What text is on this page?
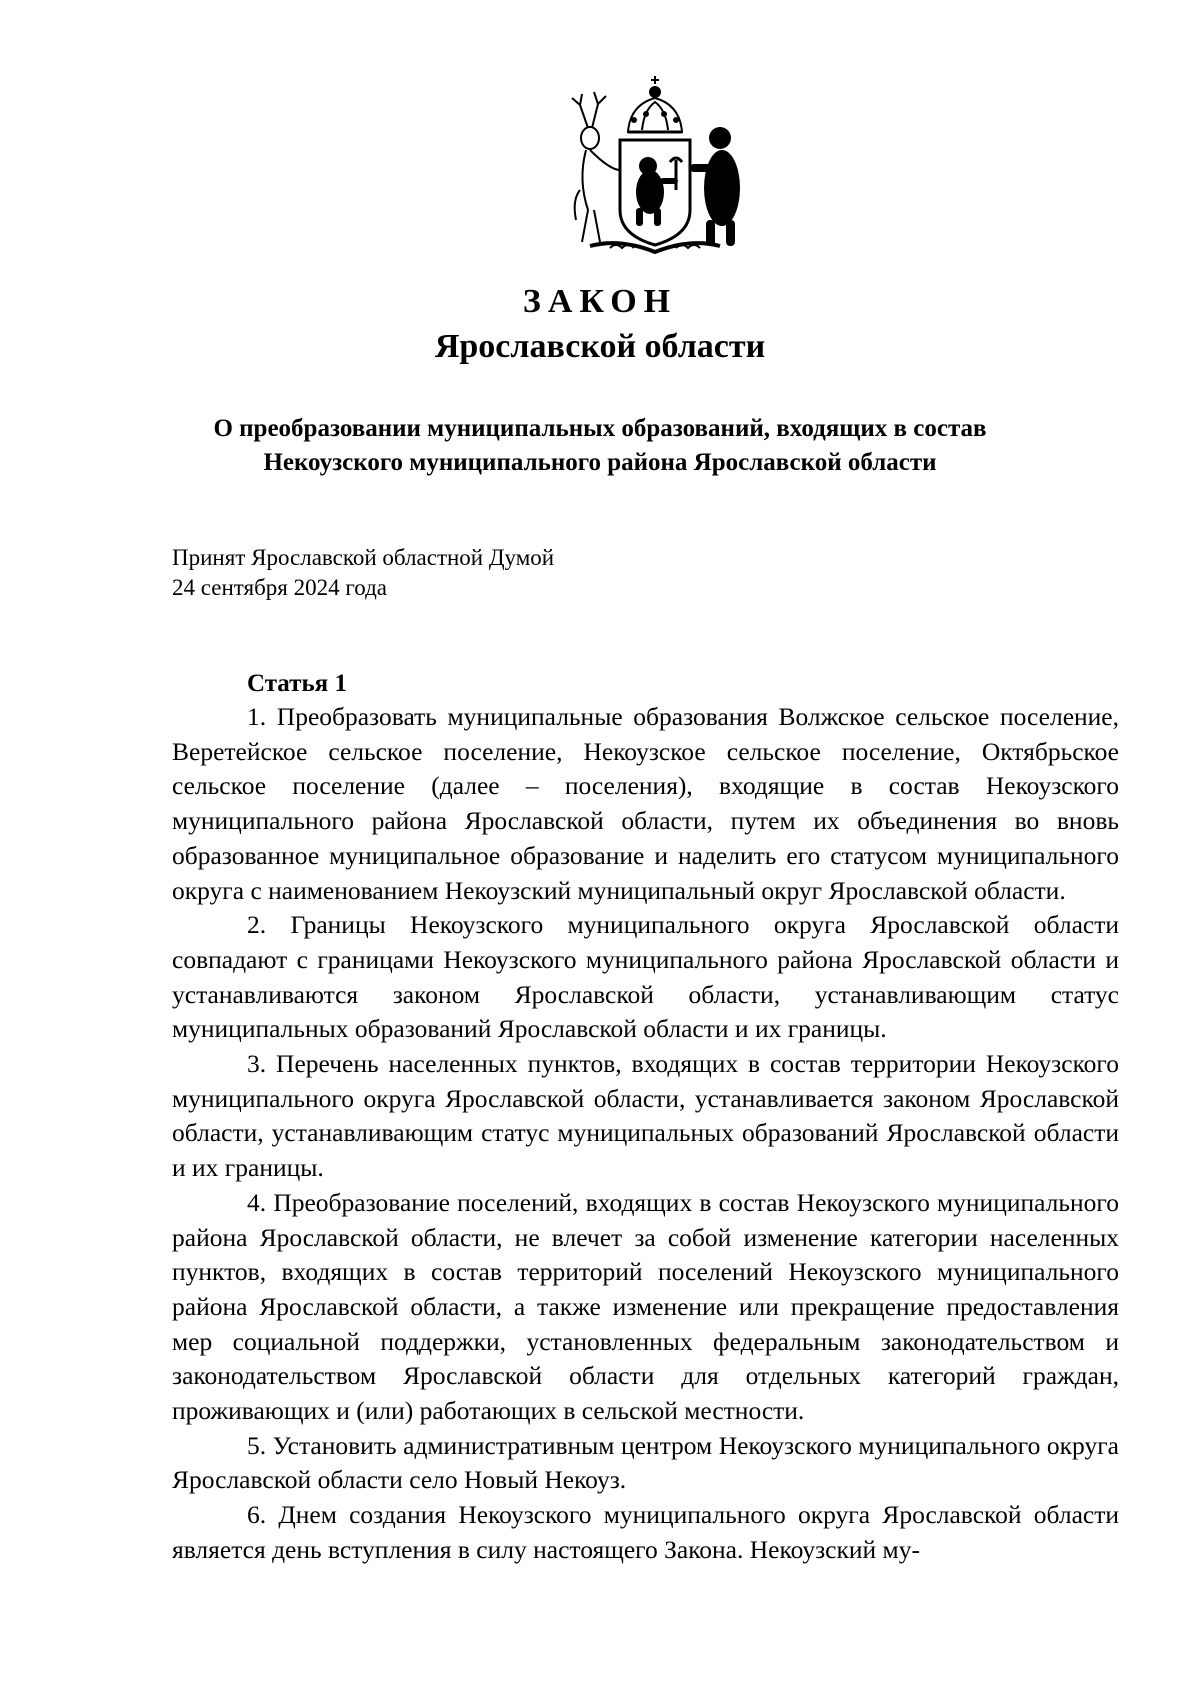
ЗАКОН
Ярославской области
О преобразовании муниципальных образований, входящих в состав
Некоузского муниципального района Ярославской области
Принят Ярославской областной Думой
24 сентября 2024 года
Статья 1

1. Преобразовать муниципальные образования Волжское сельское поселение, Веретейское сельское поселение, Некоузское сельское поселение, Октябрьское сельское поселение (далее – поселения), входящие в состав Некоузского муниципального района Ярославской области, путем их объединения во вновь образованное муниципальное образование и наделить его статусом муниципального округа с наименованием Некоузский муниципальный округ Ярославской области.

2. Границы Некоузского муниципального округа Ярославской области совпадают с границами Некоузского муниципального района Ярославской области и устанавливаются законом Ярославской области, устанавливающим статус муниципальных образований Ярославской области и их границы.

3. Перечень населенных пунктов, входящих в состав территории Некоузского муниципального округа Ярославской области, устанавливается законом Ярославской области, устанавливающим статус муниципальных образований Ярославской области и их границы.

4. Преобразование поселений, входящих в состав Некоузского муниципального района Ярославской области, не влечет за собой изменение категории населенных пунктов, входящих в состав территорий поселений Некоузского муниципального района Ярославской области, а также изменение или прекращение предоставления мер социальной поддержки, установленных федеральным законодательством и законодательством Ярославской области для отдельных категорий граждан, проживающих и (или) работающих в сельской местности.

5. Установить административным центром Некоузского муниципального округа Ярославской области село Новый Некоуз.

6. Днем создания Некоузского муниципального округа Ярославской области является день вступления в силу настоящего Закона. Некоузский му-
